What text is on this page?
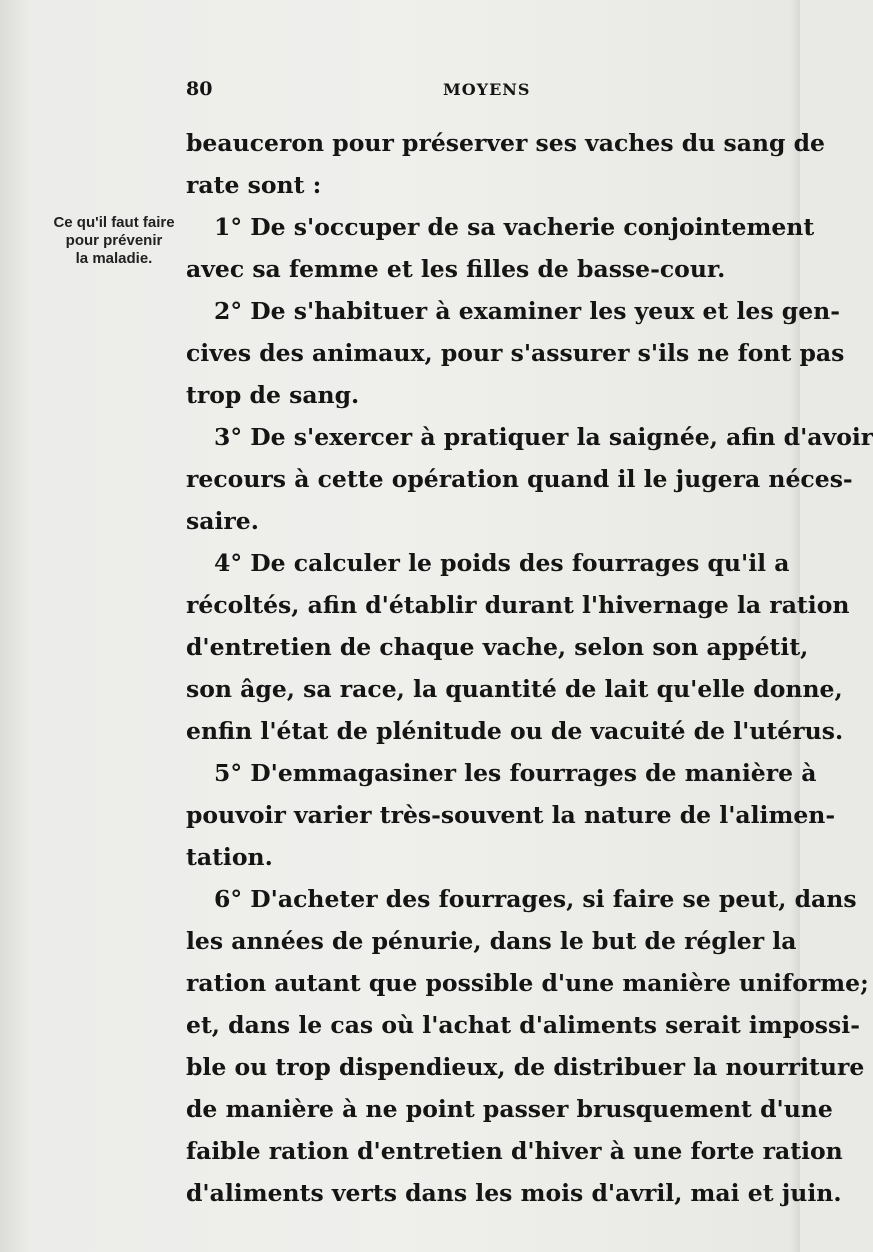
80	MOYENS
Ce qu'il faut faire
pour prévenir
la maladie.
beauceron pour préserver ses vaches du sang de
rate sont :
1° De s'occuper de sa vacherie conjointement
avec sa femme et les filles de basse-cour.
2° De s'habituer à examiner les yeux et les gen-
cives des animaux, pour s'assurer s'ils ne font pas
trop de sang.
3° De s'exercer à pratiquer la saignée, afin d'avoir
recours à cette opération quand il le jugera néces-
saire.
4° De calculer le poids des fourrages qu'il a
récoltés, afin d'établir durant l'hivernage la ration
d'entretien de chaque vache, selon son appétit,
son âge, sa race, la quantité de lait qu'elle donne,
enfin l'état de plénitude ou de vacuité de l'utérus.
5° D'emmagasiner les fourrages de manière à
pouvoir varier très-souvent la nature de l'alimen-
tation.
6° D'acheter des fourrages, si faire se peut, dans
les années de pénurie, dans le but de régler la
ration autant que possible d'une manière uniforme;
et, dans le cas où l'achat d'aliments serait impossi-
ble ou trop dispendieux, de distribuer la nourriture
de manière à ne point passer brusquement d'une
faible ration d'entretien d'hiver à une forte ration
d'aliments verts dans les mois d'avril, mai et juin.
